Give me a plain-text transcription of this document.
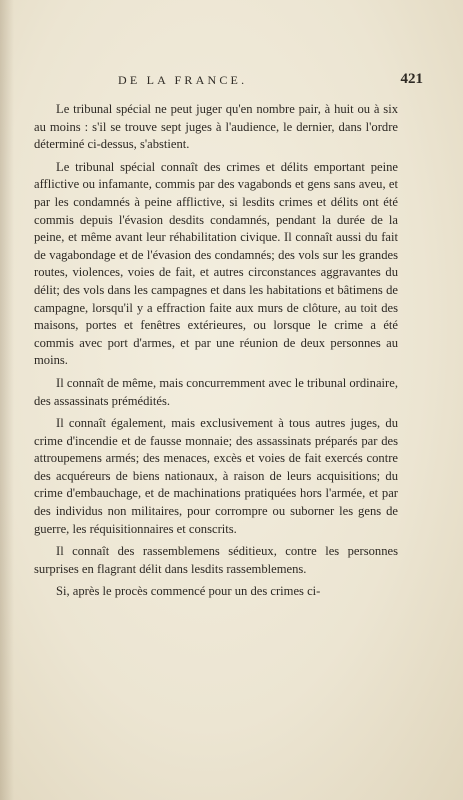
DE LA FRANCE.	421

Le tribunal spécial ne peut juger qu'en nombre pair, à huit ou à six au moins : s'il se trouve sept juges à l'audience, le dernier, dans l'ordre déterminé ci-dessus, s'abstient.

Le tribunal spécial connaît des crimes et délits emportant peine afflictive ou infamante, commis par des vagabonds et gens sans aveu, et par les condamnés à peine afflictive, si lesdits crimes et délits ont été commis depuis l'évasion desdits condamnés, pendant la durée de la peine, et même avant leur réhabilitation civique. Il connaît aussi du fait de vagabondage et de l'évasion des condamnés; des vols sur les grandes routes, violences, voies de fait, et autres circonstances aggravantes du délit; des vols dans les campagnes et dans les habitations et bâtimens de campagne, lorsqu'il y a effraction faite aux murs de clôture, au toit des maisons, portes et fenêtres extérieures, ou lorsque le crime a été commis avec port d'armes, et par une réunion de deux personnes au moins.

Il connaît de même, mais concurremment avec le tribunal ordinaire, des assassinats prémédités.

Il connaît également, mais exclusivement à tous autres juges, du crime d'incendie et de fausse monnaie; des assassinats préparés par des attroupemens armés; des menaces, excès et voies de fait exercés contre des acquéreurs de biens nationaux, à raison de leurs acquisitions; du crime d'embauchage, et de machinations pratiquées hors l'armée, et par des individus non militaires, pour corrompre ou suborner les gens de guerre, les réquisitionnaires et conscrits.

Il connaît des rassemblemens séditieux, contre les personnes surprises en flagrant délit dans lesdits rassemblemens.

Si, après le procès commencé pour un des crimes ci-
